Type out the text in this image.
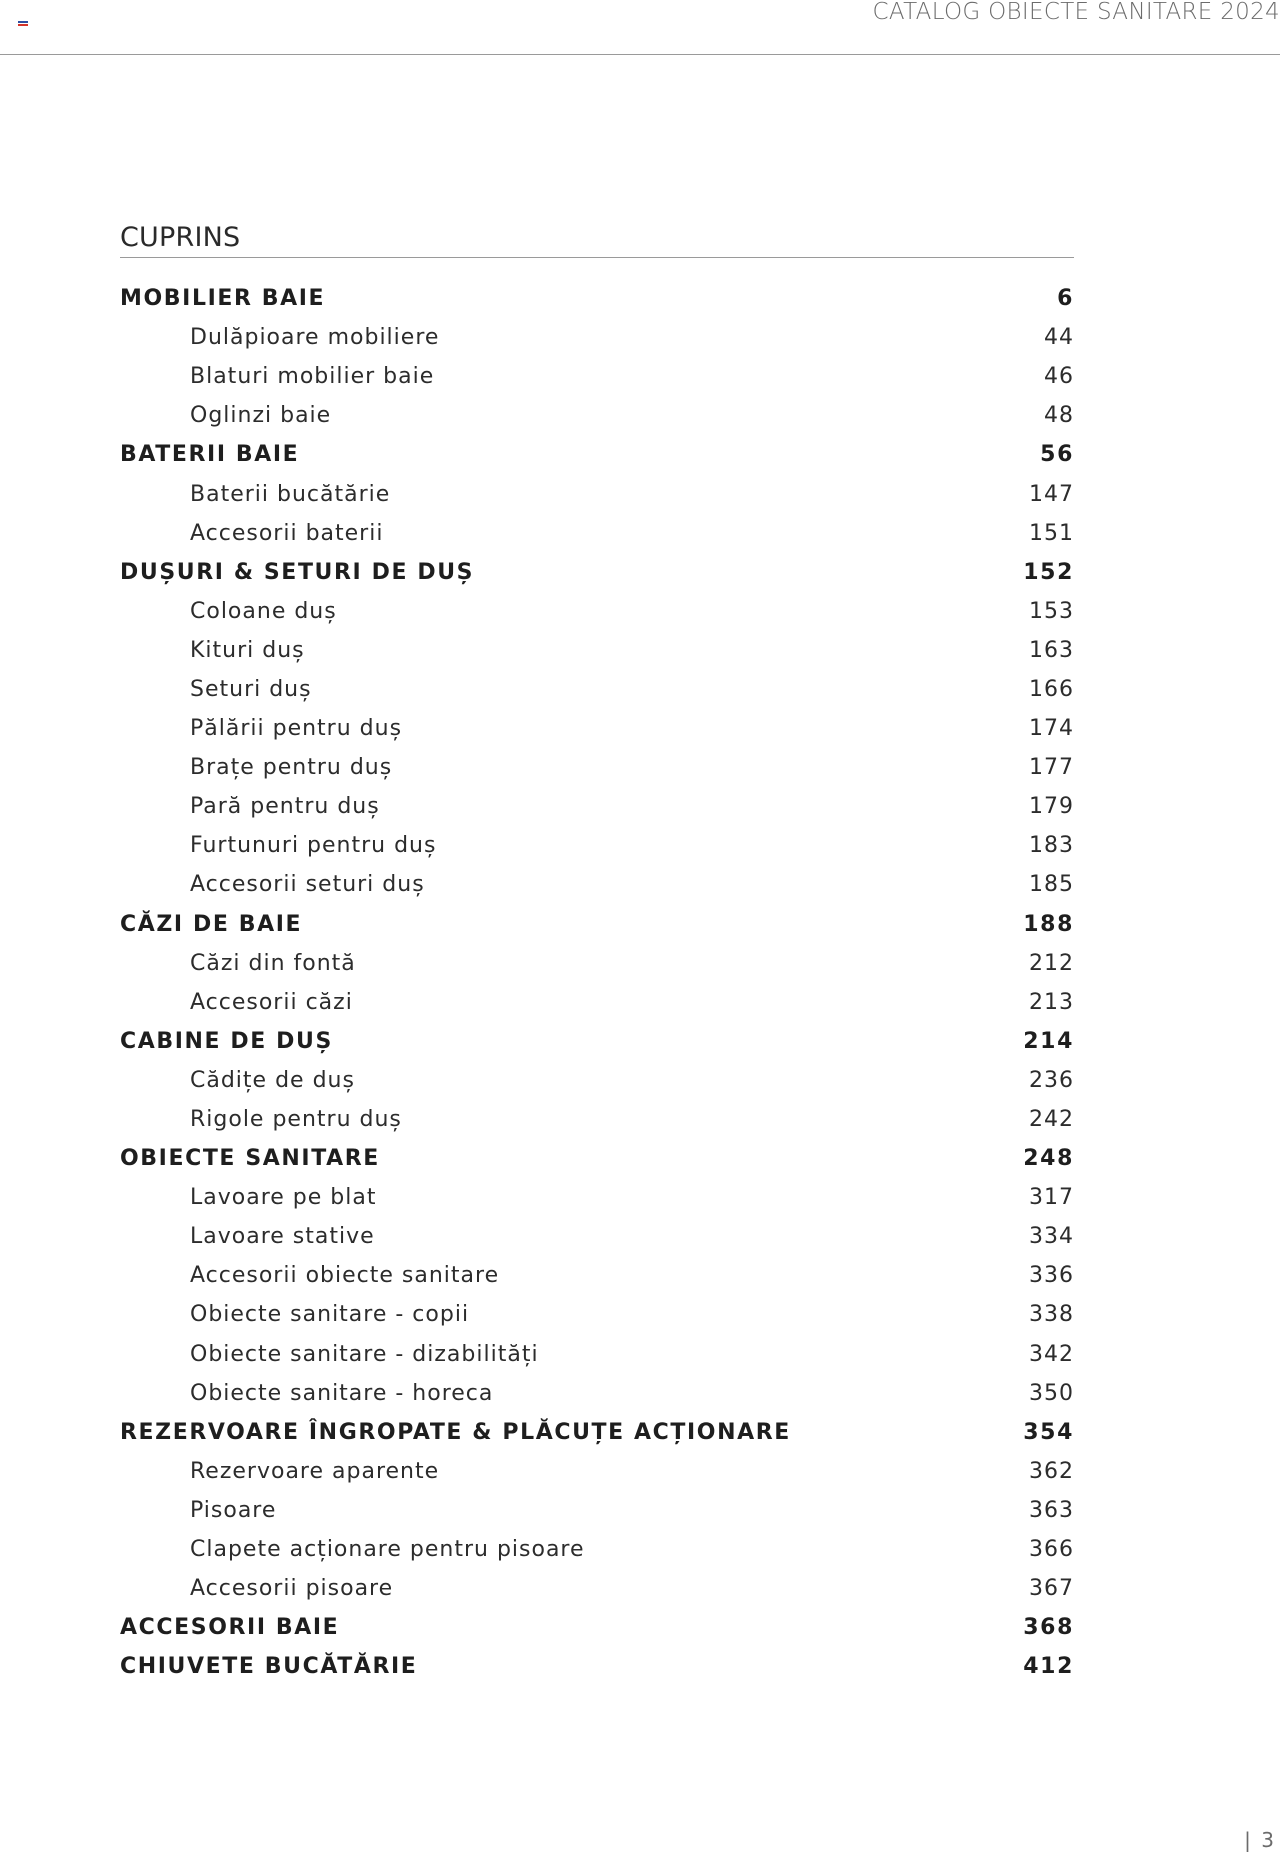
CATALOG OBIECTE SANITARE 2024
CUPRINS
MOBILIER BAIE	6
Dulăpioare mobiliere	44
Blaturi mobilier baie	46
Oglinzi baie	48
BATERII BAIE	56
Baterii bucătărie	147
Accesorii baterii	151
DUȘURI & SETURI DE DUȘ	152
Coloane duș	153
Kituri duș	163
Seturi duș	166
Pălării pentru duș	174
Brațe pentru duș	177
Pară pentru duș	179
Furtunuri pentru duș	183
Accesorii seturi duș	185
CĂZI DE BAIE	188
Căzi din fontă	212
Accesorii căzi	213
CABINE DE DUȘ	214
Cădițe de duș	236
Rigole pentru duș	242
OBIECTE SANITARE	248
Lavoare pe blat	317
Lavoare stative	334
Accesorii obiecte sanitare	336
Obiecte sanitare - copii	338
Obiecte sanitare - dizabilități	342
Obiecte sanitare - horeca	350
REZERVOARE ÎNGROPATE & PLĂCUȚE ACȚIONARE	354
Rezervoare aparente	362
Pisoare	363
Clapete acționare pentru pisoare	366
Accesorii pisoare	367
ACCESORII BAIE	368
CHIUVETE BUCĂTĂRIE	412
| 3
